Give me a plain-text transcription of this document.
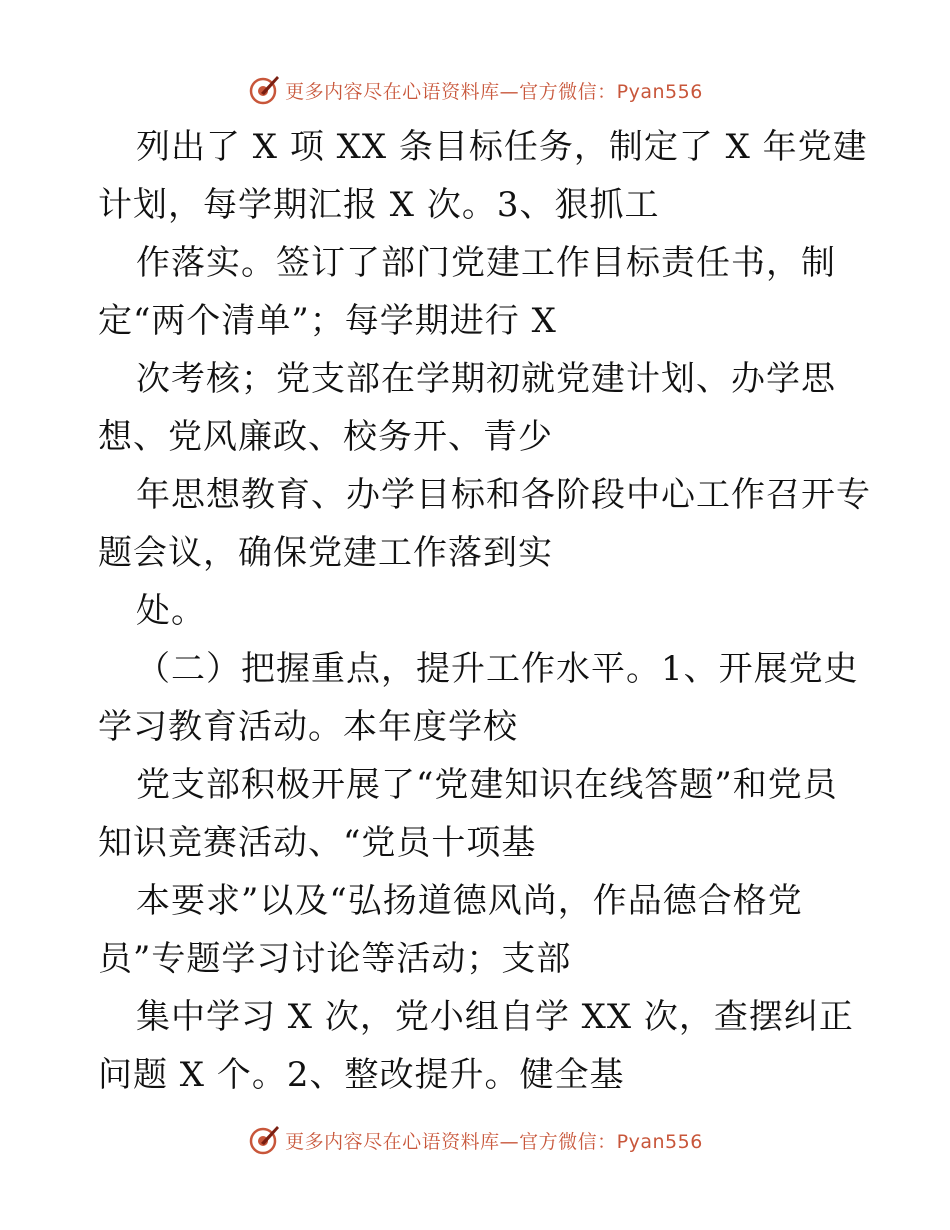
更多内容尽在心语资料库—官方微信：Pyan556
列出了 X 项 XX 条目标任务，制定了 X 年党建
计划，每学期汇报 X 次。3、狠抓工
作落实。签订了部门党建工作目标责任书，制
定“两个清单”；每学期进行 X
次考核；党支部在学期初就党建计划、办学思
想、党风廉政、校务开、青少
年思想教育、办学目标和各阶段中心工作召开专
题会议，确保党建工作落到实
处。
（二）把握重点，提升工作水平。1、开展党史
学习教育活动。本年度学校
党支部积极开展了“党建知识在线答题”和党员
知识竞赛活动、“党员十项基
本要求”以及“弘扬道德风尚，作品德合格党
员”专题学习讨论等活动；支部
集中学习 X 次，党小组自学 XX 次，查摆纠正
问题 X 个。2、整改提升。健全基
更多内容尽在心语资料库—官方微信：Pyan556
